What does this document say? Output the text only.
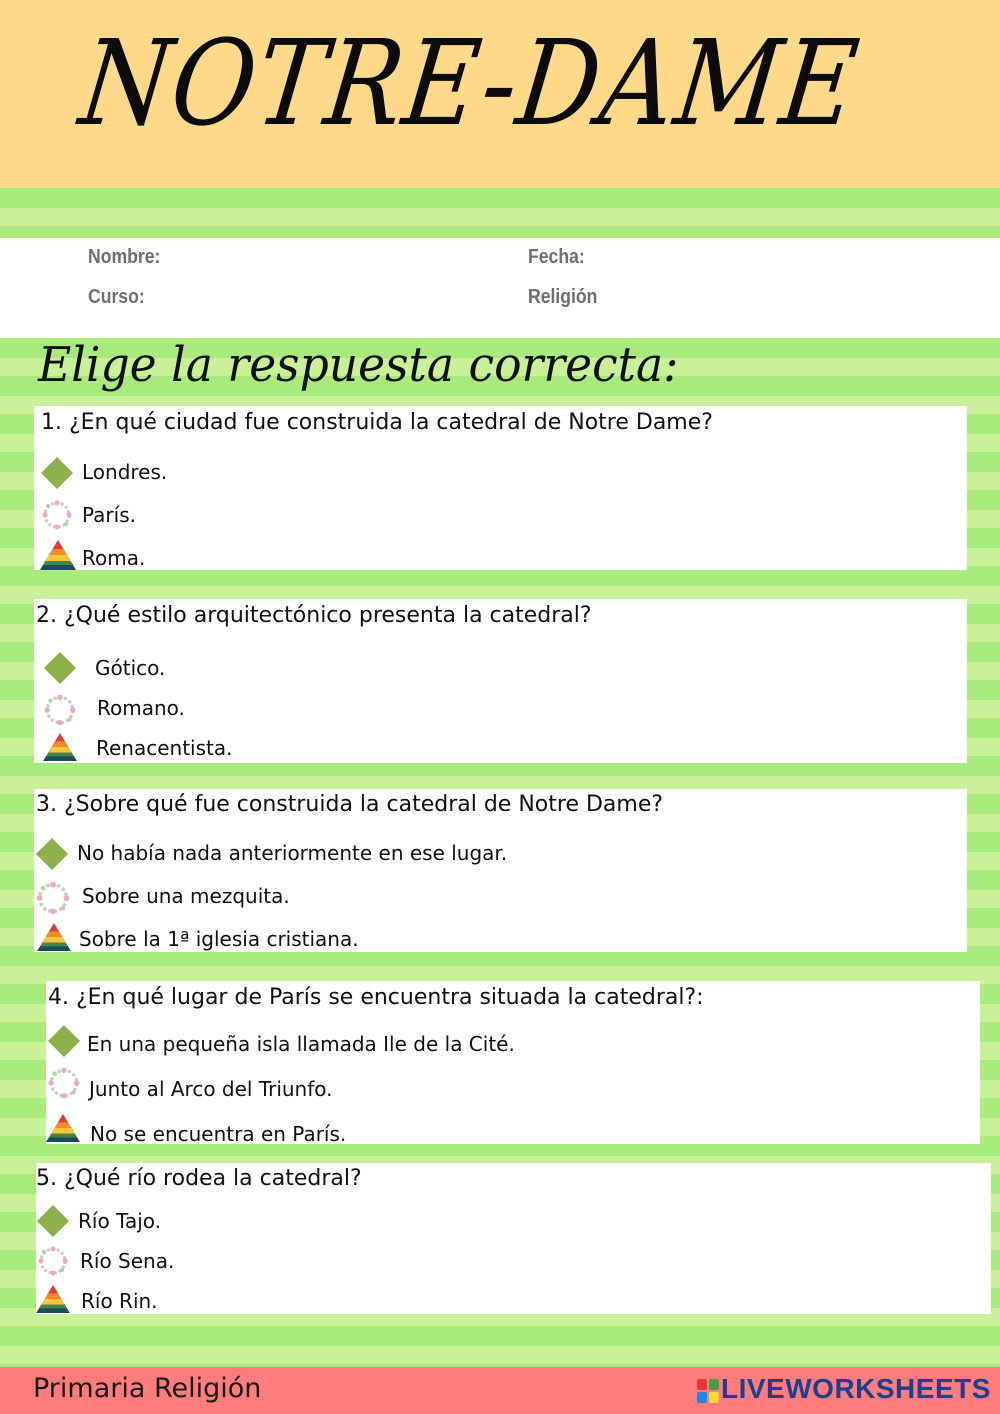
NOTRE-DAME
Nombre:	Fecha:
Curso:	Religión
Elige la respuesta correcta:
1. ¿En qué ciudad fue construida la catedral de Notre Dame?
Londres.
París.
Roma.
2. ¿Qué estilo arquitectónico presenta la catedral?
Gótico.
Romano.
Renacentista.
3. ¿Sobre qué fue construida la catedral de Notre Dame?
No había nada anteriormente en ese lugar.
Sobre una mezquita.
Sobre la 1ª iglesia cristiana.
4. ¿En qué lugar de París se encuentra situada la catedral?:
En una pequeña isla llamada Ile de la Cité.
Junto al Arco del Triunfo.
No se encuentra en París.
5. ¿Qué río rodea la catedral?
Río Tajo.
Río Sena.
Río Rin.
Primaria Religión	LIVEWORKSHEETS
